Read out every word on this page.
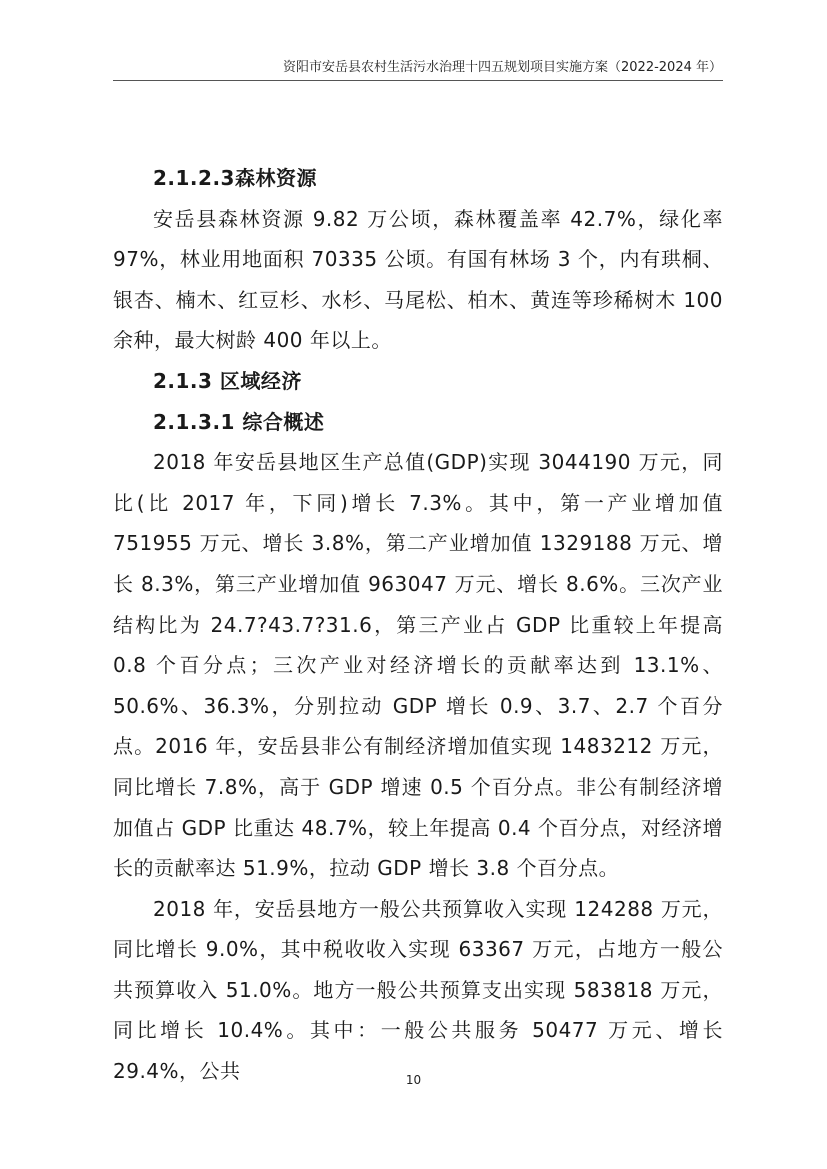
资阳市安岳县农村生活污水治理十四五规划项目实施方案（2022-2024 年）

2.1.2.3森林资源

安岳县森林资源 9.82 万公顷，森林覆盖率 42.7%，绿化率 97%，林业用地面积 70335 公顷。有国有林场 3 个，内有珙桐、银杏、楠木、红豆杉、水杉、马尾松、柏木、黄连等珍稀树木 100 余种，最大树龄 400 年以上。

2.1.3 区域经济

2.1.3.1 综合概述

2018 年安岳县地区生产总值(GDP)实现 3044190 万元，同比(比 2017 年，下同)增长 7.3%。其中，第一产业增加值 751955 万元、增长 3.8%，第二产业增加值 1329188 万元、增长 8.3%，第三产业增加值 963047 万元、增长 8.6%。三次产业结构比为 24.7?43.7?31.6，第三产业占 GDP 比重较上年提高 0.8 个百分点；三次产业对经济增长的贡献率达到 13.1%、50.6%、36.3%，分别拉动 GDP 增长 0.9、3.7、2.7 个百分点。2016 年，安岳县非公有制经济增加值实现 1483212 万元，同比增长 7.8%，高于 GDP 增速 0.5 个百分点。非公有制经济增加值占 GDP 比重达 48.7%，较上年提高 0.4 个百分点，对经济增长的贡献率达 51.9%，拉动 GDP 增长 3.8 个百分点。

2018 年，安岳县地方一般公共预算收入实现 124288 万元，同比增长 9.0%，其中税收收入实现 63367 万元，占地方一般公共预算收入 51.0%。地方一般公共预算支出实现 583818 万元，同比增长 10.4%。其中：一般公共服务 50477 万元、增长 29.4%，公共	10
